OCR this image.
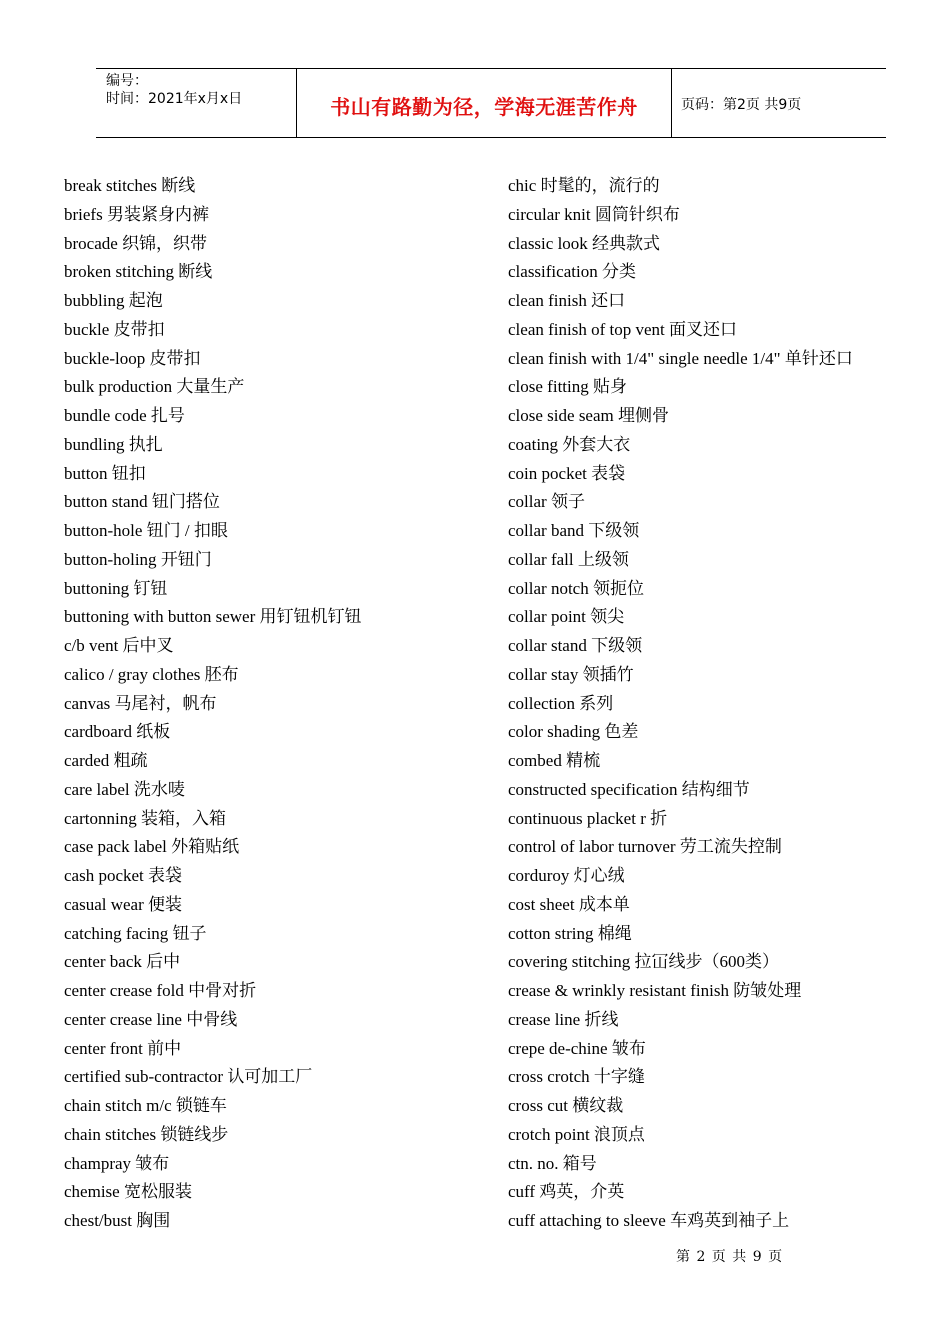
编号：
时间：2021年x月x日	书山有路勤为径，学海无涯苦作舟	页码：第2页 共9页
break stitches 断线
briefs 男装紧身内裤
brocade 织锦，织带
broken stitching 断线
bubbling 起泡
buckle 皮带扣
buckle-loop 皮带扣
bulk production 大量生产
bundle code 扎号
bundling 执扎
button 钮扣
button stand 钮门搭位
button-hole 钮门 / 扣眼
button-holing 开钮门
buttoning 钉钮
buttoning with button sewer 用钉钮机钉钮
c/b vent 后中叉
calico / gray clothes 胚布
canvas 马尾衬，帆布
cardboard 纸板
carded 粗疏
care label 洗水唛
cartonning 装箱，入箱
case pack label 外箱贴纸
cash pocket 表袋
casual wear 便装
catching facing 钮子
center back 后中
center crease fold 中骨对折
center crease line 中骨线
center front 前中
certified sub-contractor 认可加工厂
chain stitch m/c 锁链车
chain stitches 锁链线步
champray 皱布
chemise 宽松服装
chest/bust 胸围
chic 时髦的，流行的
circular knit 圆筒针织布
classic look 经典款式
classification 分类
clean finish 还口
clean finish of top vent 面叉还口
clean finish with 1/4" single needle 1/4" 单针还口
close fitting 贴身
close side seam 埋侧骨
coating 外套大衣
coin pocket 表袋
collar 领子
collar band 下级领
collar fall 上级领
collar notch 领扼位
collar point 领尖
collar stand 下级领
collar stay 领插竹
collection 系列
color shading 色差
combed 精梳
constructed specification 结构细节
continuous placket r 折
control of labor turnover 劳工流失控制
corduroy 灯心绒
cost sheet 成本单
cotton string 棉绳
covering stitching 拉冚线步（600类）
crease & wrinkly resistant finish 防皱处理
crease line 折线
crepe de-chine 皱布
cross crotch 十字缝
cross cut 横纹裁
crotch point 浪顶点
ctn. no. 箱号
cuff 鸡英，介英
cuff attaching to sleeve 车鸡英到袖子上
第 2 页 共 9 页
